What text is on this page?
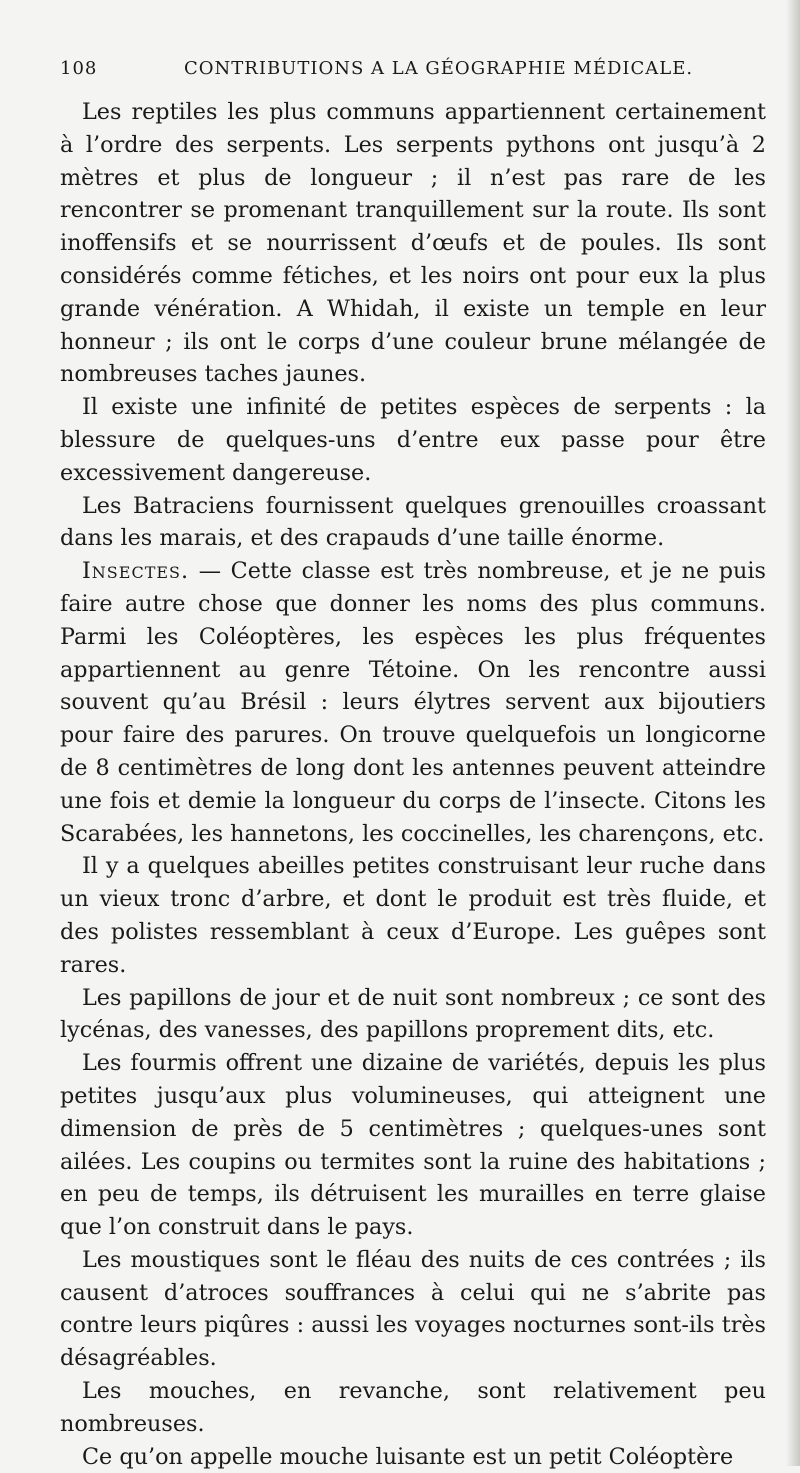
108	CONTRIBUTIONS A LA GÉOGRAPHIE MÉDICALE.

Les reptiles les plus communs appartiennent certainement à l’ordre des serpents. Les serpents pythons ont jusqu’à 2 mètres et plus de longueur ; il n’est pas rare de les rencontrer se promenant tranquillement sur la route. Ils sont inoffensifs et se nourrissent d’œufs et de poules. Ils sont considérés comme fétiches, et les noirs ont pour eux la plus grande vénération. A Whidah, il existe un temple en leur honneur ; ils ont le corps d’une couleur brune mélangée de nombreuses taches jaunes.

Il existe une infinité de petites espèces de serpents : la blessure de quelques-uns d’entre eux passe pour être excessivement dangereuse.

Les Batraciens fournissent quelques grenouilles croassant dans les marais, et des crapauds d’une taille énorme.

Insectes. — Cette classe est très nombreuse, et je ne puis faire autre chose que donner les noms des plus communs. Parmi les Coléoptères, les espèces les plus fréquentes appartiennent au genre Tétoine. On les rencontre aussi souvent qu’au Brésil : leurs élytres servent aux bijoutiers pour faire des parures. On trouve quelquefois un longicorne de 8 centimètres de long dont les antennes peuvent atteindre une fois et demie la longueur du corps de l’insecte. Citons les Scarabées, les hannetons, les coccinelles, les charençons, etc.

Il y a quelques abeilles petites construisant leur ruche dans un vieux tronc d’arbre, et dont le produit est très fluide, et des polistes ressemblant à ceux d’Europe. Les guêpes sont rares.

Les papillons de jour et de nuit sont nombreux ; ce sont des lycénas, des vanesses, des papillons proprement dits, etc.

Les fourmis offrent une dizaine de variétés, depuis les plus petites jusqu’aux plus volumineuses, qui atteignent une dimension de près de 5 centimètres ; quelques-unes sont ailées. Les coupins ou termites sont la ruine des habitations ; en peu de temps, ils détruisent les murailles en terre glaise que l’on construit dans le pays.

Les moustiques sont le fléau des nuits de ces contrées ; ils causent d’atroces souffrances à celui qui ne s’abrite pas contre leurs piqûres : aussi les voyages nocturnes sont-ils très désagréables.

Les mouches, en revanche, sont relativement peu nombreuses.

Ce qu’on appelle mouche luisante est un petit Coléoptère
